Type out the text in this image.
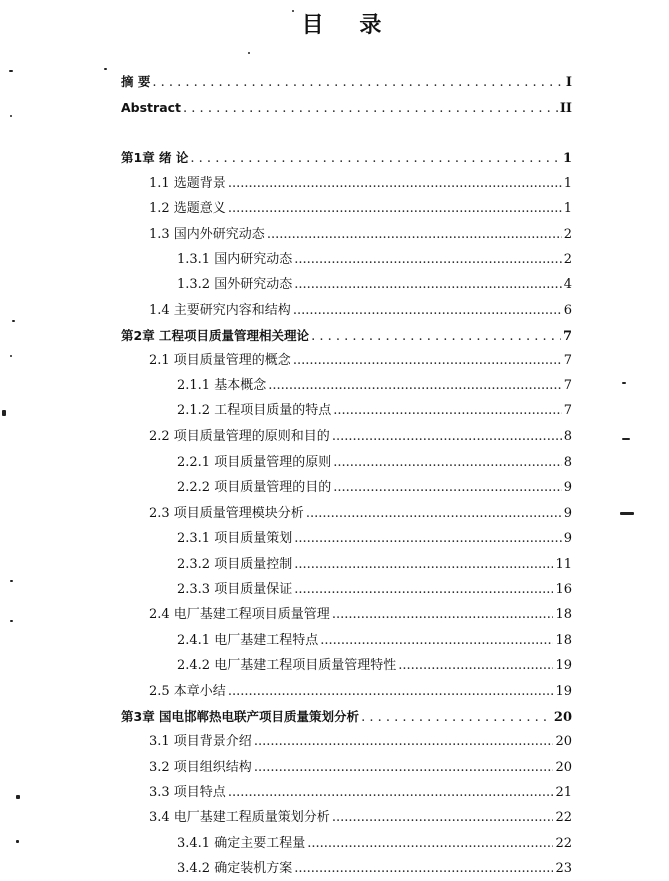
目 录
摘 要 . . .	I
Abstract . . .	II
第1章 绪 论 . . .	1
1.1 选题背景 .....	1
1.2 选题意义 .....	1
1.3 国内外研究动态 .....	2
1.3.1 国内研究动态 .....	2
1.3.2 国外研究动态 .....	4
1.4 主要研究内容和结构 .....	6
第2章 工程项目质量管理相关理论 . . .	7
2.1 项目质量管理的概念 .....	7
2.1.1 基本概念 .....	7
2.1.2 工程项目质量的特点 .....	7
2.2 项目质量管理的原则和目的 .....	8
2.2.1 项目质量管理的原则 .....	8
2.2.2 项目质量管理的目的 .....	9
2.3 项目质量管理模块分析 .....	9
2.3.1 项目质量策划 .....	9
2.3.2 项目质量控制 .....	11
2.3.3 项目质量保证 .....	16
2.4 电厂基建工程项目质量管理 .....	18
2.4.1 电厂基建工程特点 .....	18
2.4.2 电厂基建工程项目质量管理特性 .....	19
2.5 本章小结 .....	19
第3章 国电邯郸热电联产项目质量策划分析 . . .	20
3.1 项目背景介绍 .....	20
3.2 项目组织结构 .....	20
3.3 项目特点 .....	21
3.4 电厂基建工程质量策划分析 .....	22
3.4.1 确定主要工程量 .....	22
3.4.2 确定装机方案 .....	23
